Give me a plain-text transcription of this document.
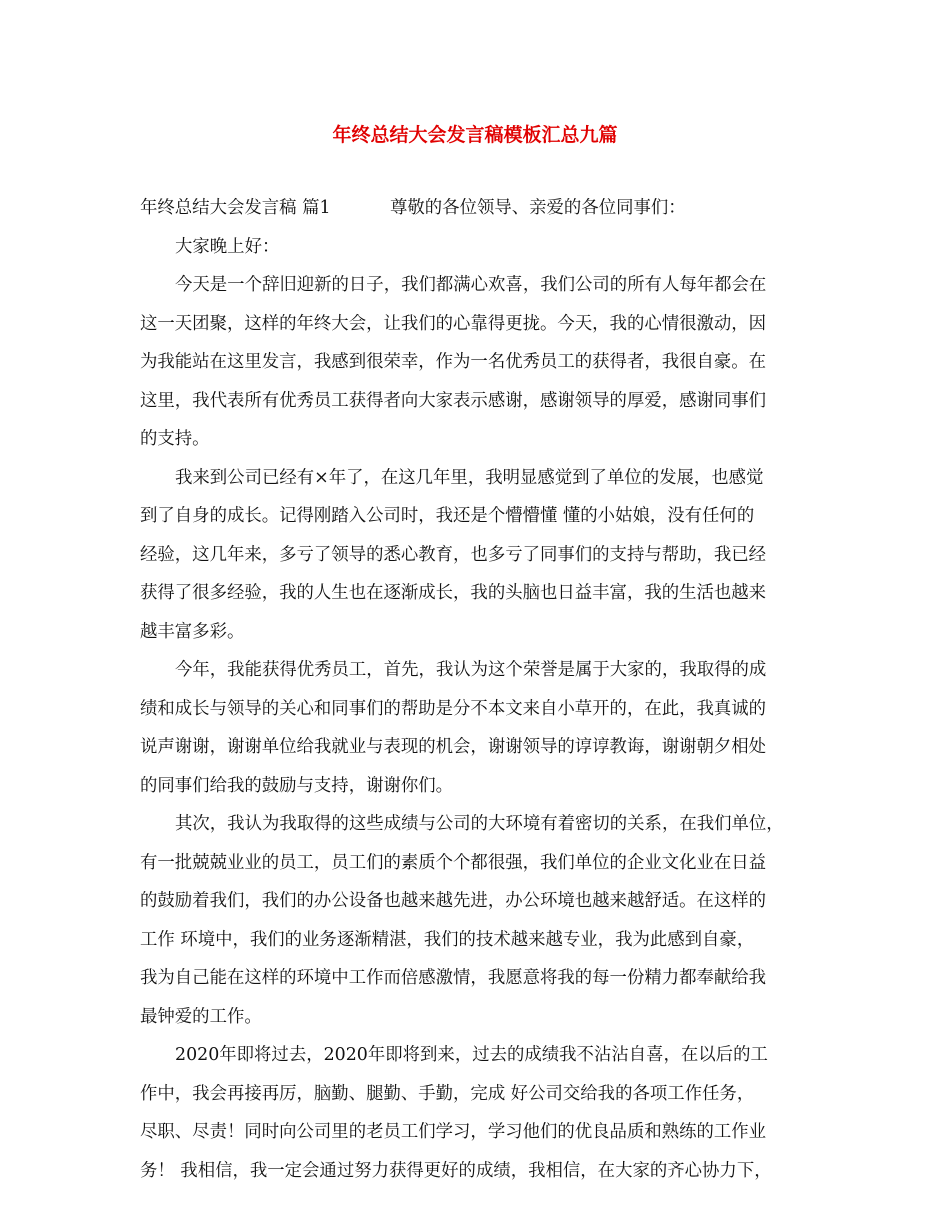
年终总结大会发言稿模板汇总九篇
年终总结大会发言稿 篇1	尊敬的各位领导、亲爱的各位同事们：
大家晚上好：
今天是一个辞旧迎新的日子，我们都满心欢喜，我们公司的所有人每年都会在
这一天团聚，这样的年终大会，让我们的心靠得更拢。今天，我的心情很激动，因
为我能站在这里发言，我感到很荣幸，作为一名优秀员工的获得者，我很自豪。在
这里，我代表所有优秀员工获得者向大家表示感谢，感谢领导的厚爱，感谢同事们
的支持。
我来到公司已经有×年了，在这几年里，我明显感觉到了单位的发展，也感觉
到了自身的成长。记得刚踏入公司时，我还是个懵懵懂 懂的小姑娘，没有任何的
经验，这几年来，多亏了领导的悉心教育，也多亏了同事们的支持与帮助，我已经
获得了很多经验，我的人生也在逐渐成长，我的头脑也日益丰富，我的生活也越来
越丰富多彩。
今年，我能获得优秀员工，首先，我认为这个荣誉是属于大家的，我取得的成
绩和成长与领导的关心和同事们的帮助是分不本文来自小草开的，在此，我真诚的
说声谢谢，谢谢单位给我就业与表现的机会，谢谢领导的谆谆教诲，谢谢朝夕相处
的同事们给我的鼓励与支持，谢谢你们。
其次，我认为我取得的这些成绩与公司的大环境有着密切的关系，在我们单位，
有一批兢兢业业的员工，员工们的素质个个都很强，我们单位的企业文化业在日益
的鼓励着我们，我们的办公设备也越来越先进，办公环境也越来越舒适。在这样的
工作 环境中，我们的业务逐渐精湛，我们的技术越来越专业，我为此感到自豪，
我为自己能在这样的环境中工作而倍感激情，我愿意将我的每一份精力都奉献给我
最钟爱的工作。
2020年即将过去，2020年即将到来，过去的成绩我不沾沾自喜，在以后的工
作中，我会再接再厉，脑勤、腿勤、手勤，完成 好公司交给我的各项工作任务，
尽职、尽责！同时向公司里的老员工们学习，学习他们的优良品质和熟练的工作业
务！ 我相信，我一定会通过努力获得更好的成绩，我相信，在大家的齐心协力下，
